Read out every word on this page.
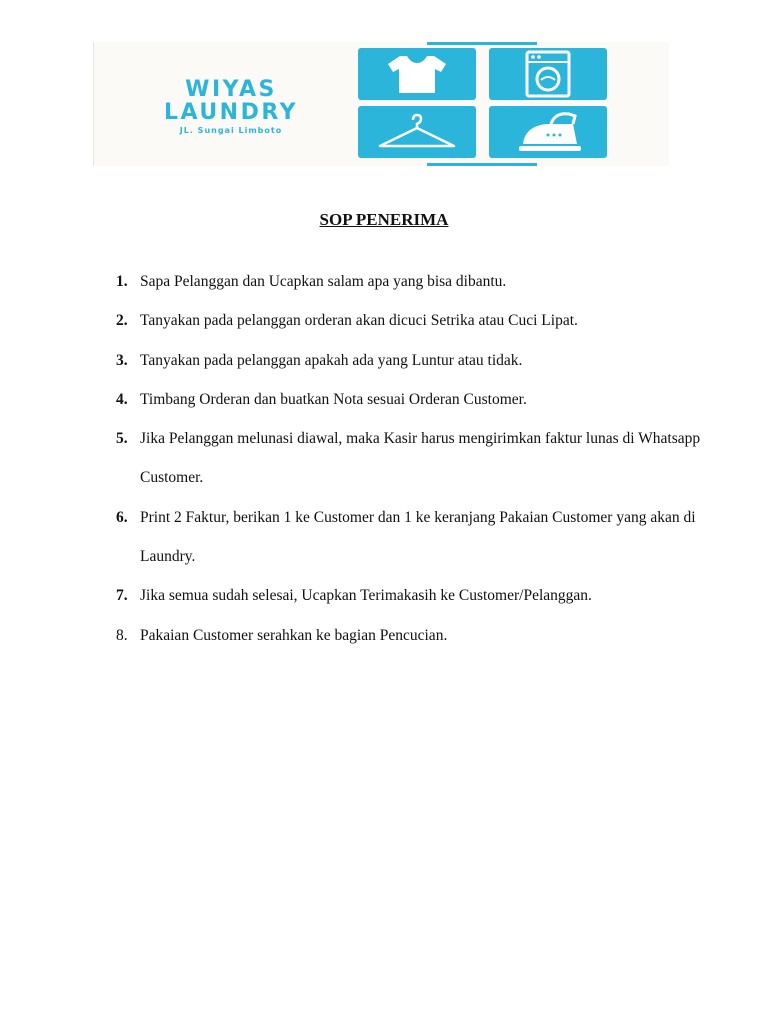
WIYAS
LAUNDRY
JL. Sungai Limboto
SOP PENERIMA
1. Sapa Pelanggan dan Ucapkan salam apa yang bisa dibantu.
2. Tanyakan pada pelanggan orderan akan dicuci Setrika atau Cuci Lipat.
3. Tanyakan pada pelanggan apakah ada yang Luntur atau tidak.
4. Timbang Orderan dan buatkan Nota sesuai Orderan Customer.
5. Jika Pelanggan melunasi diawal, maka Kasir harus mengirimkan faktur lunas di Whatsapp Customer.
6. Print 2 Faktur, berikan 1 ke Customer dan 1 ke keranjang Pakaian Customer yang akan di Laundry.
7. Jika semua sudah selesai, Ucapkan Terimakasih ke Customer/Pelanggan.
8. Pakaian Customer serahkan ke bagian Pencucian.
